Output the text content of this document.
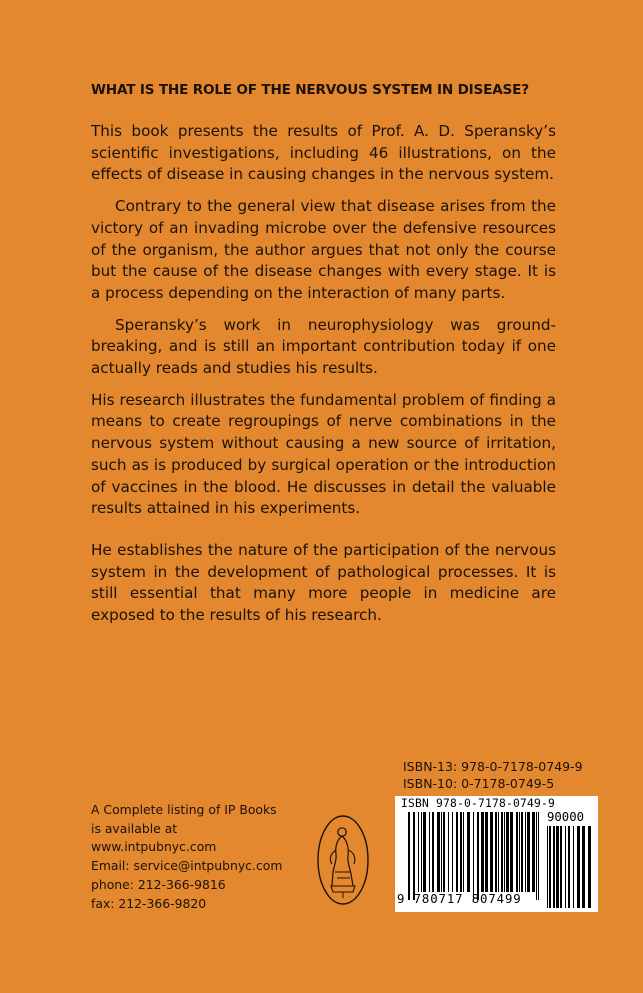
WHAT IS THE ROLE OF THE NERVOUS SYSTEM IN DISEASE?

This book presents the results of Prof. A. D. Speransky’s scientific investigations, including 46 illustrations, on the effects of disease in causing changes in the nervous system.

Contrary to the general view that disease arises from the victory of an invading microbe over the defensive resources of the organism, the author argues that not only the course but the cause of the disease changes with every stage. It is a process depending on the interaction of many parts.

Speransky’s work in neurophysiology was groundbreaking, and is still an important contribution today if one actually reads and studies his results.

His research illustrates the fundamental problem of finding a means to create regroupings of nerve combinations in the nervous system without causing a new source of irritation, such as is produced by surgical operation or the introduction of vaccines in the blood. He discusses in detail the valuable results attained in his experiments.

He establishes the nature of the participation of the nervous system in the development of pathological processes. It is still essential that many more people in medicine are exposed to the results of his research.

ISBN-13: 978-0-7178-0749-9
ISBN-10: 0-7178-0749-5
ISBN 978-0-7178-0749-9
90000
9 780717 807499
A Complete listing of IP Books
is available at
www.intpubnyc.com
Email: service@intpubnyc.com
phone: 212-366-9816
fax: 212-366-9820
